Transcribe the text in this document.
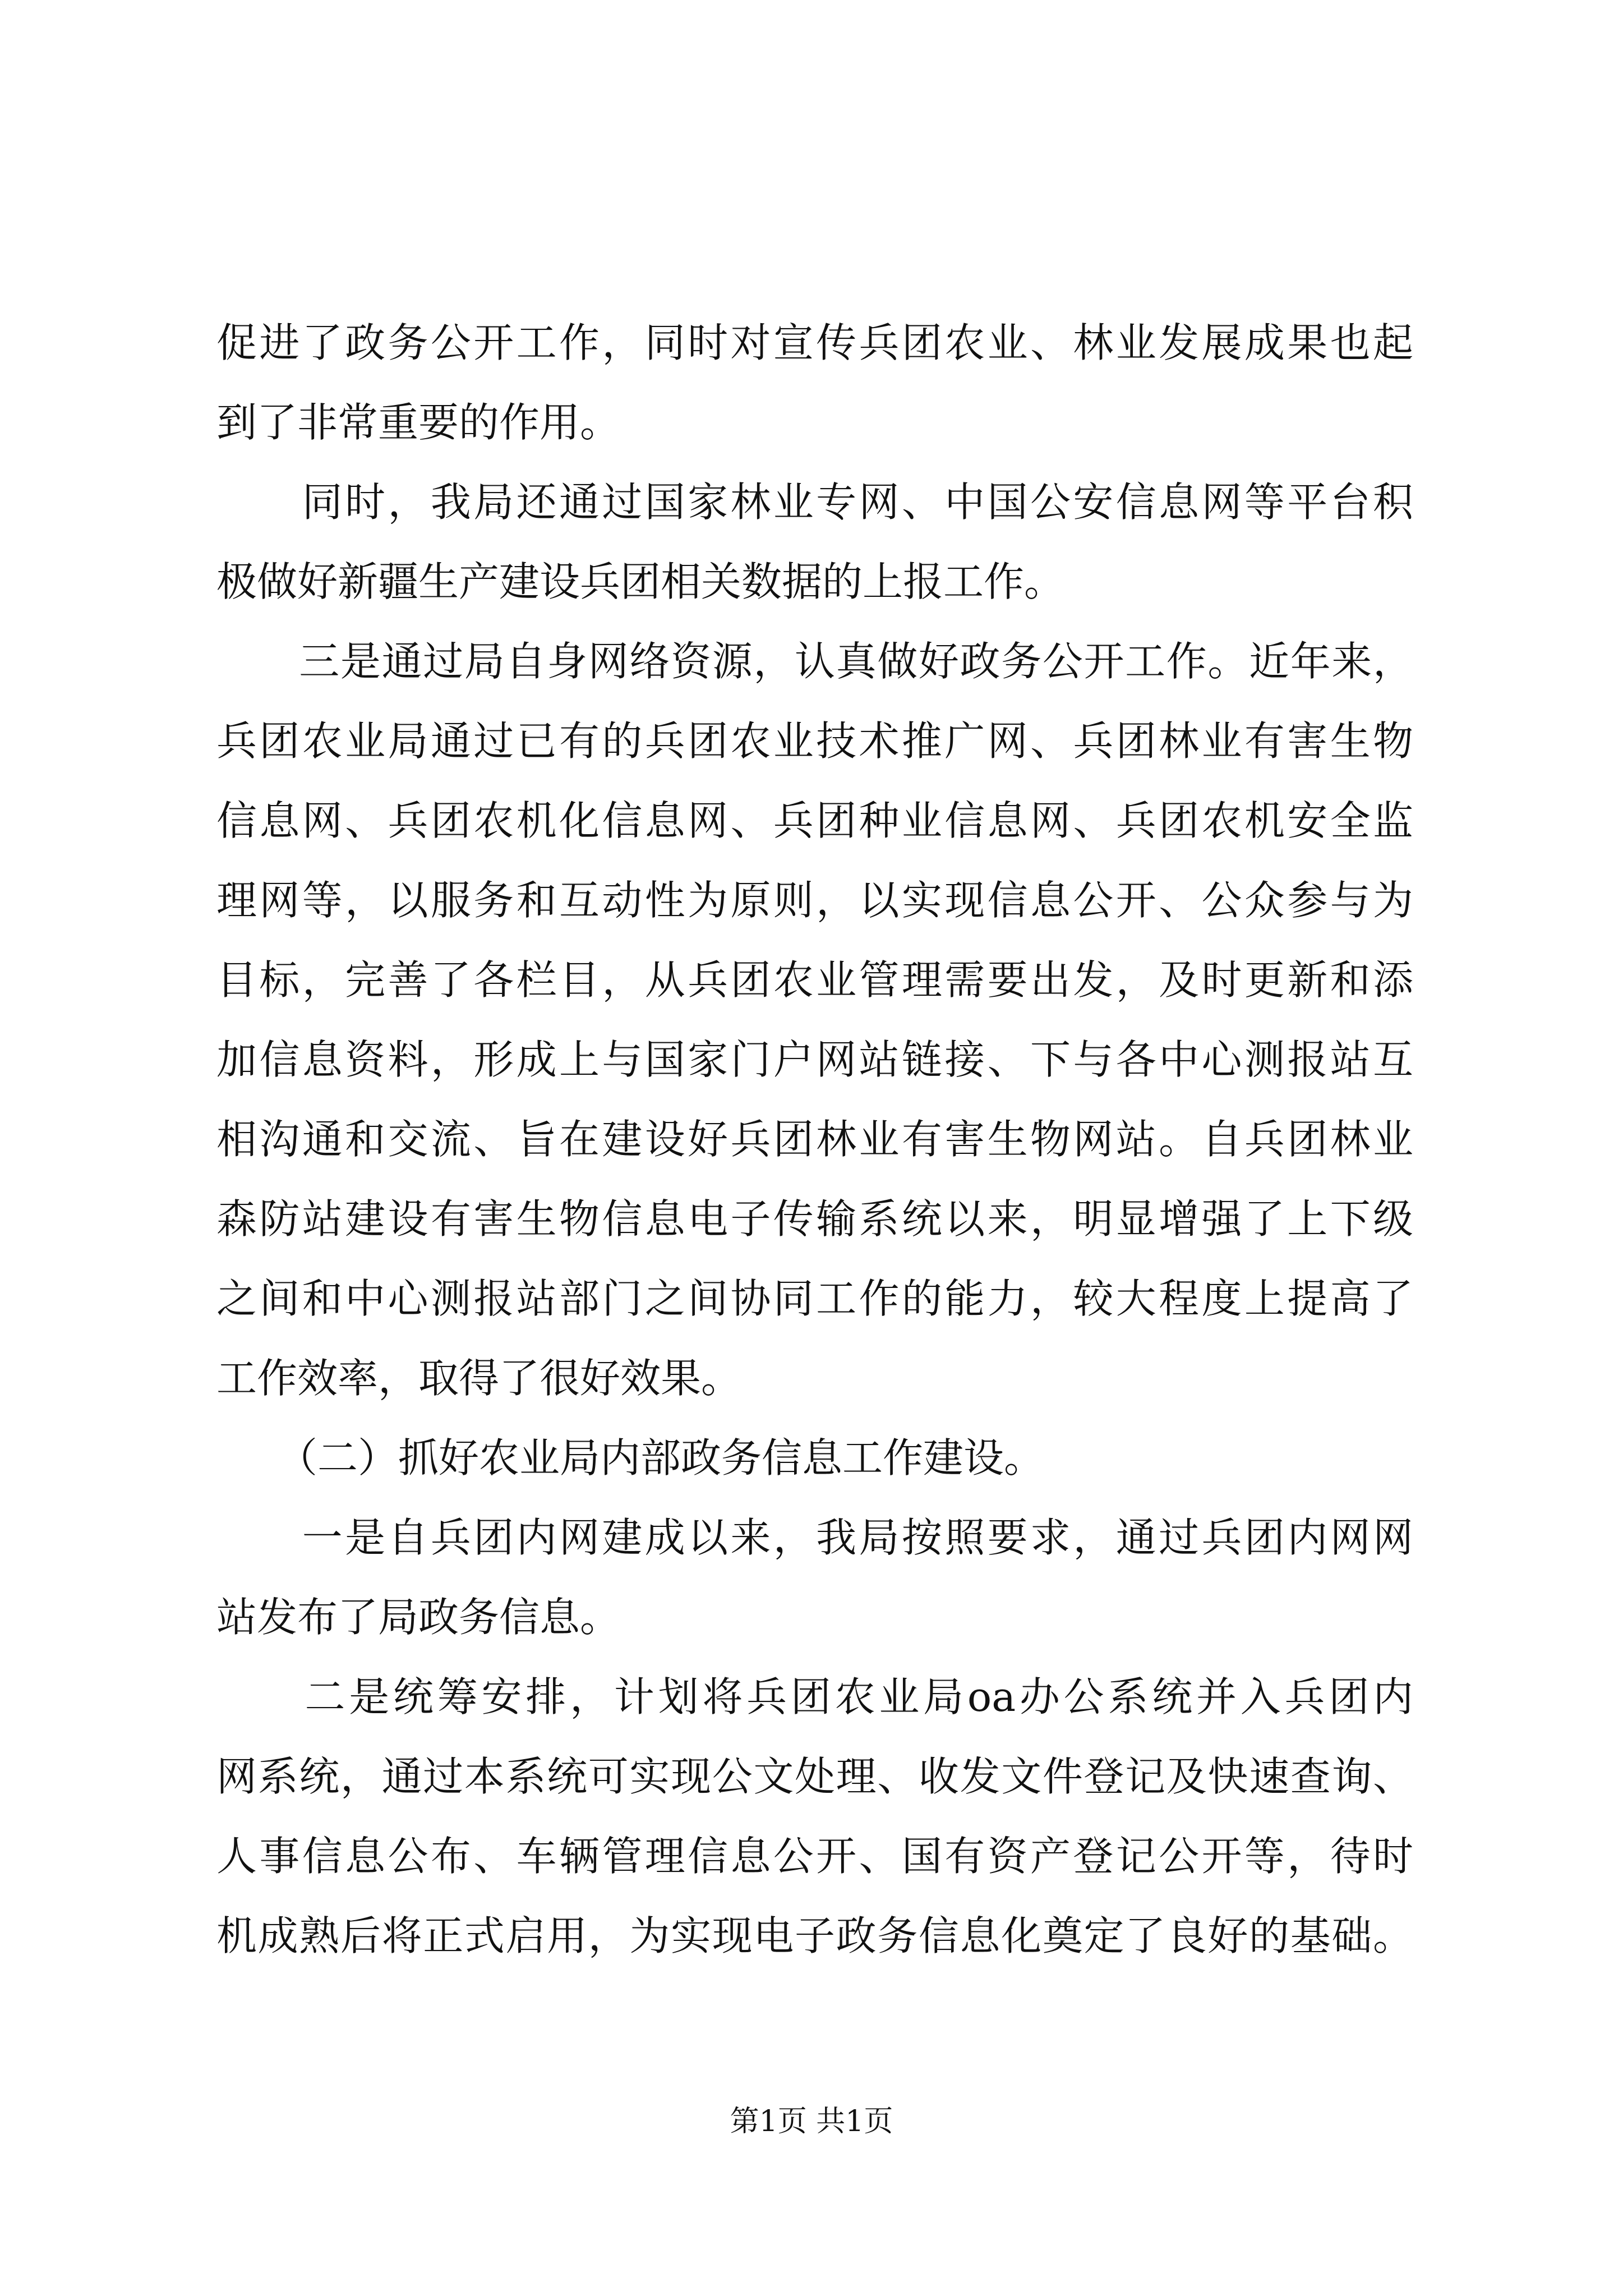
促进了政务公开工作，同时对宣传兵团农业、林业发展成果也起
到了非常重要的作用。
　　同时，我局还通过国家林业专网、中国公安信息网等平台积
极做好新疆生产建设兵团相关数据的上报工作。
　　三是通过局自身网络资源，认真做好政务公开工作。近年来，
兵团农业局通过已有的兵团农业技术推广网、兵团林业有害生物
信息网、兵团农机化信息网、兵团种业信息网、兵团农机安全监
理网等，以服务和互动性为原则，以实现信息公开、公众参与为
目标，完善了各栏目，从兵团农业管理需要出发，及时更新和添
加信息资料，形成上与国家门户网站链接、下与各中心测报站互
相沟通和交流、旨在建设好兵团林业有害生物网站。自兵团林业
森防站建设有害生物信息电子传输系统以来，明显增强了上下级
之间和中心测报站部门之间协同工作的能力，较大程度上提高了
工作效率，取得了很好效果。
　　（二）抓好农业局内部政务信息工作建设。
　　一是自兵团内网建成以来，我局按照要求，通过兵团内网网
站发布了局政务信息。
　　二是统筹安排，计划将兵团农业局oa办公系统并入兵团内
网系统，通过本系统可实现公文处理、收发文件登记及快速查询、
人事信息公布、车辆管理信息公开、国有资产登记公开等，待时
机成熟后将正式启用，为实现电子政务信息化奠定了良好的基础。
第1页 共1页
